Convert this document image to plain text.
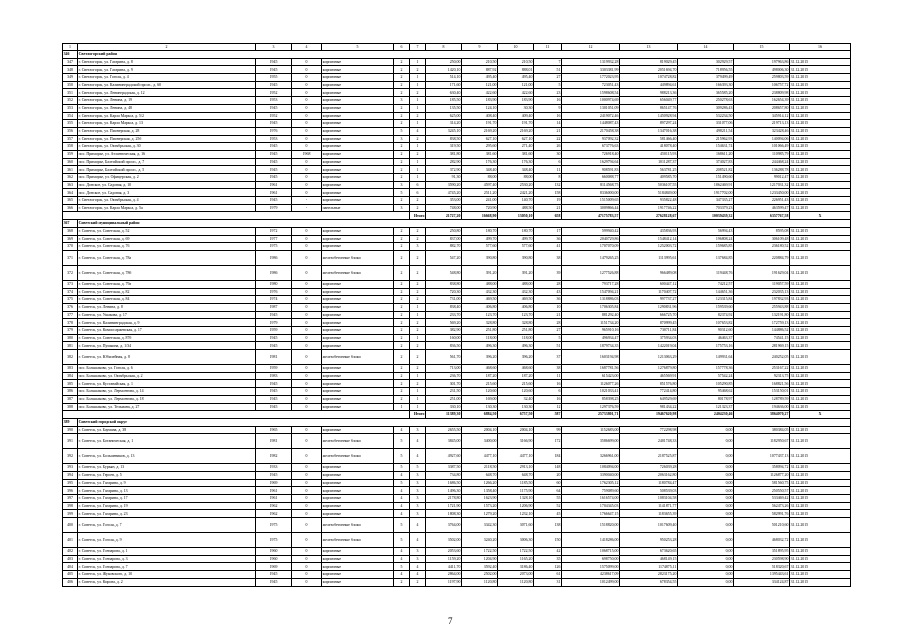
1	2	3	4	5	6	7	8	9	10	11	12	13	14	15	16
346	Светлогорский район														
347	г. Светлогорск, ул. Гагарина, д. 8	1945	0	кирпичные	2	1	250,00	210,50	210,50	7	1319932,28	819029,45	302929,57	197963,86	31.12.2015
348	г. Светлогорск, ул. Гагарина, д. 9	1945	0	кирпичные	2	2	1420,10	887,92	888,01	51	3303381,99	2051694,70	718956,55	498006,30	31.12.2015
349	г. Светлогорск, ул. Гоголя, д. 4	1955	0	кирпичные	2	1	514,10	495,40	495,40	27	1772023,95	1074728,82	379499,49	259803,59	31.12.2015
350	г. Светлогорск, ул. Калининградский просп., д. 60	1945	0	кирпичные	2	1	171,60	121,00	121,00	5	723051,43	449894,61	166393,30	106757,72	31.12.2015
351	г. Светлогорск, ул. Ленинградская, д. 12	1952	0	кирпичные	2	2	630,40	422,60	422,60	23	1598608,54	988213,36	365585,20	238809,98	31.12.2015
352	г. Светлогорск, ул. Ленина, д. 19	1953	0	кирпичные	3	1	185,50	183,90	183,90	16	1000974,69	656049,77	250278,63	162654,39	31.12.2015
353	г. Светлогорск, ул. Ленина, д. 48	1945	0	кирпичные	2	1	135,50	124,10	30,30	9	1301051,09	865147,76	309286,43	208657,80	31.12.2015
354	г. Светлогорск, ул. Карла Маркса, д. 5/2	1952	0	кирпичные	2	2	625,00	408,40	409,40	16	2419072,46	1450928,94	532234,50	345914,12	31.12.2015
355	г. Светлогорск, ул. Карла Маркса, д. 13	1945	0	кирпичные	2	1	314,20	191,70	191,70	14	1448087,43	897297,24	331077,06	219713,13	31.12.2015
356	г. Светлогорск, ул. Пионерская, д. 28	1976	0	кирпичные	5	4	3245,10	2169,20	2169,20	21	2170458,38	1347016,38	498211,54	323428,46	31.12.2015
357	г. Светлогорск, ул. Пионерская, д. 25б	1953	0	кирпичные	3	2	838,50	627,10	627,10	22	937092,32	581466,40	215962,93	140094,06	31.12.2015
358	г. Светлогорск, ул. Октябрьская, д. 30	1945	0	кирпичные	2	1	319,50	295,60	271,40	26	673776,63	418078,40	154631,74	101066,49	31.12.2015
359	пос. Приморье, ул. Атлантическая, д. 16	1945	1968	кирпичные	2	2	381,80	381,60	381,60	30	726918,40	450115,93	168611,20	110985,79	31.12.2015
360	пос. Приморье, Балтийский просп., д. 7	1945	0	кирпичные	2	1	282,90	176,30	176,30	6	1629794,64	1011287,37	374027,83	244468,24	31.12.2015
361	пос. Приморье, Балтийский просп., д. 5	1945	0	кирпичные	2	1	372,90	348,40	348,40	11	908591,83	563781,25	208521,82	136288,78	31.12.2015
362	пос. Приморье, ул. Офицерская, д. 2	1945	0	кирпичные	2	1	91,30	88,00	88,00	8	660088,77	409585,70	151490,60	99012,47	31.12.2015
363	пос. Донское, ул. Садовая, д. 10	1961	0	кирпичные	3	6	3590,20	4597,40	2530,20	132	8114568,75	5036107,55	1862469,91	1217031,32	31.12.2015
364	пос. Донское, ул. Садовая, д. 3	1961	0	кирпичные	5	6	4745,20	2511,20	2421,20	158	8336000,00	5184849,00	1917702,00	1233450,00	31.12.2015
365	г. Светлогорск, ул. Октябрьская, д. 4	1945	-	кирпичные	2	2	353,00	241,00	140,70	19	1515009,65	935822,48	347335,27	226951,43	31.12.2015
366	г. Светлогорск, ул. Карла Маркса, д. 5а	1979	-	панельные	3	2	748,00	720,90	488,50	21	3009866,44	1917746,22	703379,23	463599,47	31.12.2015
						Итого	21727,20	16668,90	13050,10	658	47175783,57	27628128,67	10039439,32	6357767,58	X
367	Советский муниципальный район														
368	г. Советск, ул. Советская, д. 52	1972	0	кирпичные	2	2	250,80	180,70	180,70	17	599940,42	435836,93	56994,43	8595,08	31.12.2015
369	г. Советск, ул. Советская, д. 69	1977	0	кирпичные	2	2	837,00	499,70	499,70	36	2040729,86	1548412,14	196808,24	306109,48	31.12.2015
370	г. Советск, ул. Советская, д. 76	1975	0	кирпичные	2	3	882,70	577,60	577,60	41	1707070,09	1252003,72	159685,85	236180,52	31.12.2015
371	г. Советск, ул. Советская, д. 78а	1986	0	железобетонные блоки	2	2	547,20	390,80	390,80	38	1479265,25	1113995,61	137684,85	220884,79	31.12.2015
372	г. Советск, ул. Советская, д. 78б	1986	0	железобетонные блоки	2	2	548,80	391,20	391,20	39	1277526,88	966489,08	119448,76	191629,04	31.12.2015
373	г. Советск, ул. Советская, д. 79а	1980	0	кирпичные	2	2	838,80	488,00	488,00	28	793717,28	600447,12	74212,57	119057,59	31.12.2015
374	г. Советск, ул. Советская, д. 82	1976	0	кирпичные	2	2	720,30	432,30	432,30	43	1547094,21	1170407,72	144651,36	232035,13	31.12.2015
375	г. Советск, ул. Советская, д. 84	1974	0	кирпичные	2	2	731,00	469,50	469,50	36	1318886,03	997737,27	123315,84	197832,93	31.12.2015
376	г. Советск, ул. Ленина, д. 8	1987	0	кирпичные	2	1	838,40	406,80	406,80	10	1706305,84	1290831,96	159539,60	255943,88	31.12.2015
377	г. Советск, ул. Ушакова, д. 17	1945	0	кирпичные	2	1	233,70	123,70	123,70	21	881292,40	666725,70	82374,92	132191,80	31.12.2015
378	г. Советск, ул. Калининградская, д. 9	1979	0	кирпичные	2	2	569,20	328,80	328,80	28	1151734,20	870999,45	107653,82	172759,13	31.12.2015
379	г. Советск, ул. Комиссаржевская, д. 17	1959	0	кирпичные	2	2	382,90	251,80	251,80	27	965910,16	730711,84	90312,60	144886,52	31.12.2015
380	г. Советск, ул. Советская, д. 87б	1945	0	кирпичные	2	1	160,00	118,00	118,00	5	496934,47	375934,03	46463,37	74541,15	31.12.2015
381	г. Советск, ул. Пушкина, д. 1/34	1945	0	кирпичные	2	2	836,50	496,30	496,30	51	1879734,35	1422019,04	175753,16	281969,15	31.12.2015
382	г. Советск, ул. Юбилейная, д. 8	1981	0	железобетонные блоки	2	2	561,70	396,20	396,20	37	1603194,98	1213063,29	149931,64	240252,05	31.12.2015
383	пос. Большаково, ул. Гоголя, д. 6	1959	0	кирпичные	2	2	713,00	468,60	468,60	38	1687781,56	1276879,80	157778,36	253167,22	31.12.2015
384	пос. Большаково, ул. Октябрьская, д. 2	1983	0	кирпичные	2	1	236,70	187,20	187,20	11	615423,00	465569,91	57542,24	92313,75	31.12.2015
385	г. Советск, ул. Кустанайская, д. 1	1945	0	кирпичные	2	2	301,70	215,60	215,60	16	1126077,26	851576,80	105290,85	168821,56	31.12.2015
386	пос. Большаково, ул. Лермонтова, д. 14	1945	0	кирпичные	2	1	231,50	120,60	120,60	6	1021033,41	772414,80	95468,62	153150,01	31.12.2015
387	пос. Большаково, ул. Лермонтова, д. 18	1945	0	кирпичные	2	1	251,00	169,00	32,40	16	858398,25	649529,69	80178,97	128789,59	31.12.2015
388	пос. Большаково, ул. Тельмана, д. 27	1945	0	кирпичные	1	1	330,10	130,30	130,30	12	1297376,59	981434,22	121323,37	194636,00	31.12.2015
						Итого	11389,30	6884,50	6757,50	587	25733801,71	19467620,98	2404230,46	3864070,27	X
389	Советский городской округ														
390	г. Советск, ул. Баумана, д. 38	1965	0	кирпичные	4	3	2655,50	2004,10	2004,10	99	1152683,00	772298,98	0,00	380384,05	31.12.2015
391	г. Советск, ул. Ботаническая, д. 1	1981	0	железобетонные блоки	5	4	3845,00	3400,00	3166,90	172	3586699,00	2401748,33	0,00	1182950,67	31.12.2015
392	г. Советск, ул. Большевиков, д. 13	1982	0	железобетонные блоки	5	4	4927,60	4477,10	4477,10	184	3266961,00	2187525,87	0,00	1077437,13	31.12.2015
393	г. Советск, ул. Бурьян, д. 13	1933	0	кирпичные	5	5	3387,50	2118,50	2913,10	148	1084094,00	726039,28	0,00	358094,72	31.12.2015
394	г. Советск, ул. Героев, д. 5	1945	0	кирпичные	4	3	734,80	648,70	648,70	20	3390040,00	2063162,80	0,00	1126877,20	31.12.2015
395	г. Советск, ул. Гагарина, д. 9	1969	0	кирпичные	5	3	1686,50	1266,20	1185,50	60	1762305,12	1180784,47	0,00	581560,75	31.12.2015
396	г. Советск, ул. Гагарина, д. 13	1961	0	кирпичные	4	3	1496,30	1358,40	1175,90	64	759089,60	508539,03	0,00	250550,57	31.12.2015
397	г. Советск, ул. Гагарина, д. 17	1961	0	кирпичные	4	3	2178,80	1623,90	1328,10	55	1616574,00	1083104,58	0,00	533469,42	31.12.2015
398	г. Советск, ул. Гагарина, д. 19	1962	0	кирпичные	4	3	1721,90	1573,20	1206,90	52	1704345,03	1141871,77	0,00	562473,26	31.12.2015
399	г. Советск, ул. Гагарина, д. 23	1962	0	кирпичные	4	3	1808,30	1279,20	1232,10	45	1766647,15	1183655,39	0,00	582991,76	31.12.2015
400	г. Советск, ул. Гоголя, д. 7	1975	0	железобетонные блоки	5	4	3764,00	3342,30	3071,60	138	1518820,00	1017609,40	0,00	501210,60	31.12.2015
401	г. Советск, ул. Гоголя, д. 9	1975	0	железобетонные блоки	5	4	3502,00	3240,20	3006,30	150	1418286,00	950253,28	0,00	468032,72	31.12.2015
402	г. Советск, ул. Гончарова, д. 1	1960	0	кирпичные	4	3	2053,60	1722,50	1722,50	42	1068715,00	673620,65	0,00	351895,95	31.12.2015
403	г. Советск, ул. Гончарова, д. 3	1960	0	кирпичные	4	3	1159,20	1204,90	1165,20	35	698750,00	468149,15	0,00	230598,90	31.12.2015
404	г. Советск, ул. Гончарова, д. 7	1969	0	кирпичные	5	4	4411,70	3592,40	3186,40	126	1575099,00	1174875,11	0,00	518320,67	31.12.2015
405	г. Советск, ул. Жуковского, д. 10	1945	0	кирпичные	4	4	2864,00	2502,00	2073,00	61	4238617,09	2823175,20	0,00	1395443,61	31.12.2015
406	г. Советск, ул. Кирова, д. 2	1945	0	кирпичные	2	2	1197,90	1120,80	1120,80	31	1012499,00	678354,55	0,00	334124,87	31.12.2015
7
